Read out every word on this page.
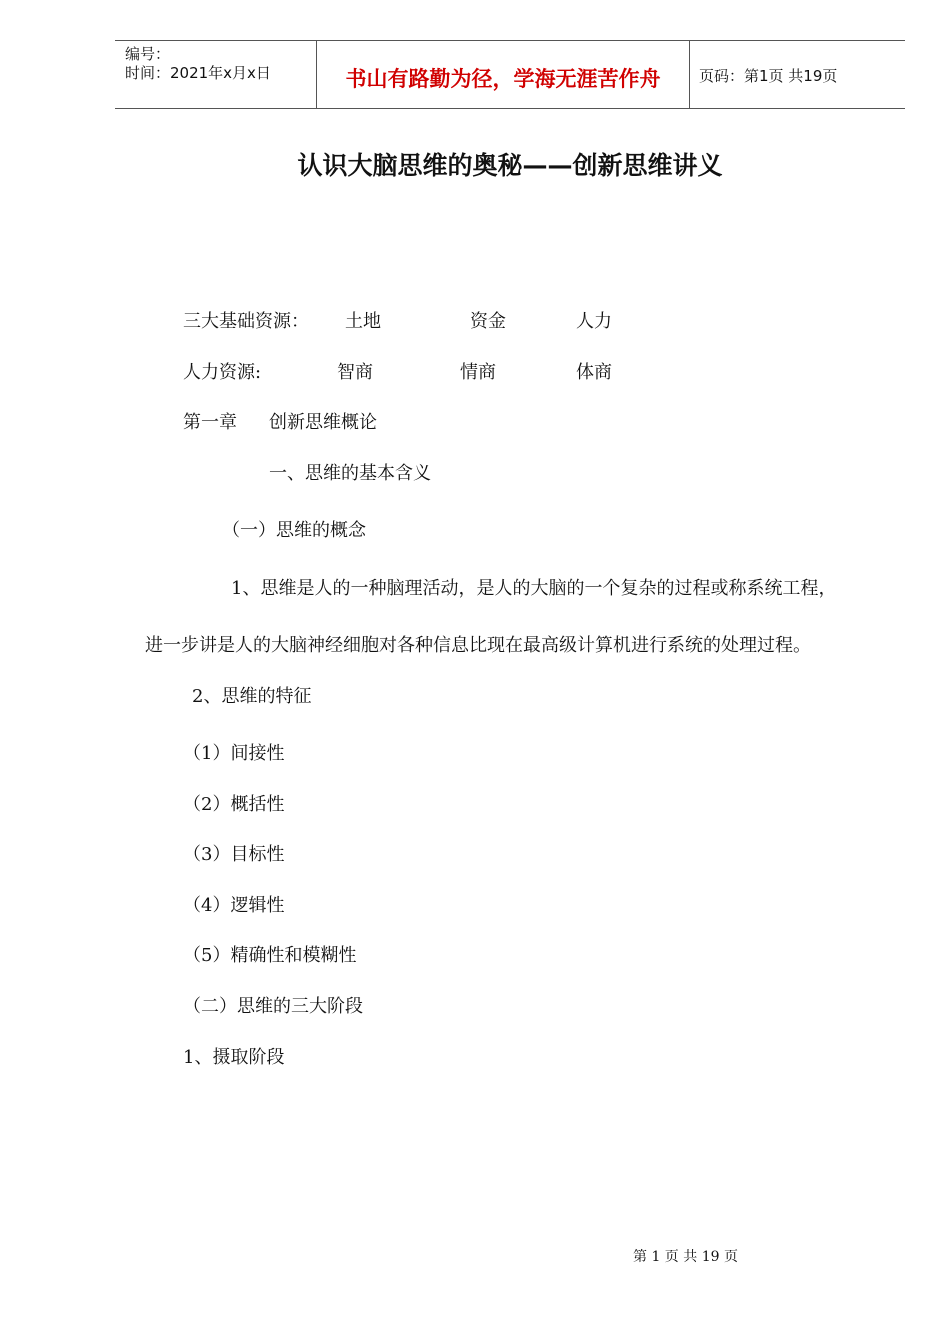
编号：
时间：2021年x月x日	书山有路勤为径，学海无涯苦作舟	页码：第1页 共19页
认识大脑思维的奥秘——创新思维讲义
三大基础资源： 土地	资金	人力
人力资源:	智商	情商	体商
第一章 创新思维概论
一、思维的基本含义
（一）思维的概念
1、思维是人的一种脑理活动，是人的大脑的一个复杂的过程或称系统工程，
进一步讲是人的大脑神经细胞对各种信息比现在最高级计算机进行系统的处理过程。
2、思维的特征
（1）间接性
（2）概括性
（3）目标性
（4）逻辑性
（5）精确性和模糊性
（二）思维的三大阶段
1、摄取阶段
第 1 页 共 19 页
